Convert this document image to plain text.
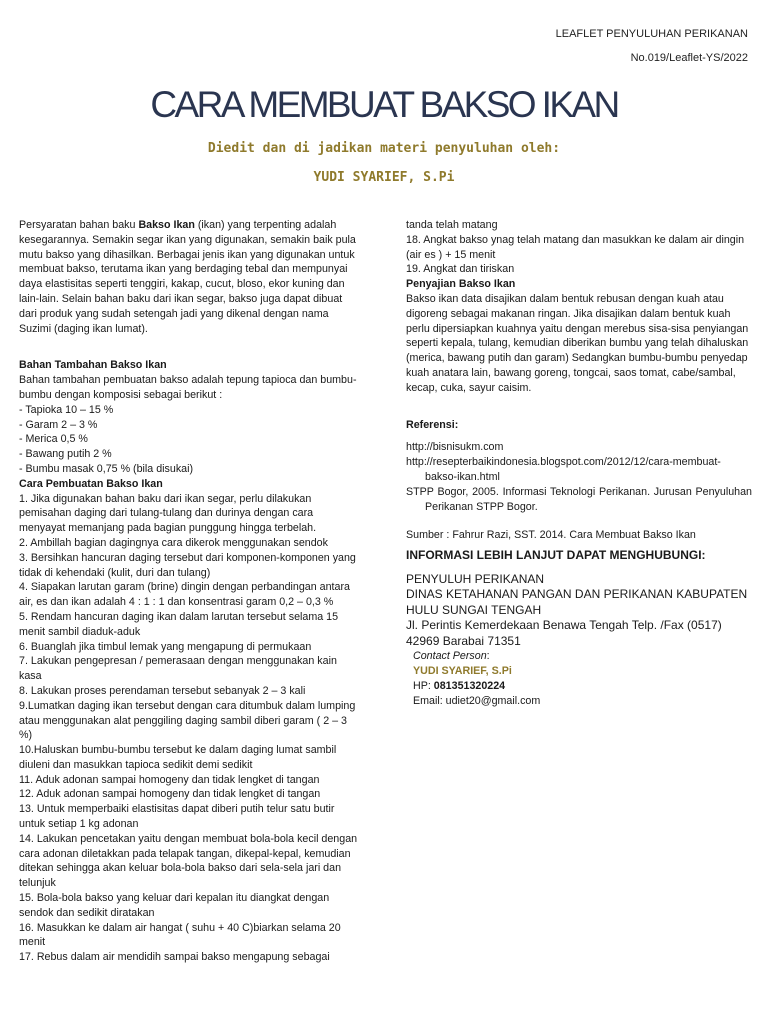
LEAFLET PENYULUHAN PERIKANAN
No.019/Leaflet-YS/2022
CARA MEMBUAT BAKSO IKAN
Diedit dan di jadikan materi penyuluhan oleh:
YUDI SYARIEF, S.Pi

Persyaratan bahan baku Bakso Ikan (ikan) yang terpenting adalah kesegarannya. Semakin segar ikan yang digunakan, semakin baik pula mutu bakso yang dihasilkan. Berbagai jenis ikan yang digunakan untuk membuat bakso, terutama ikan yang berdaging tebal dan mempunyai daya elastisitas seperti tenggiri, kakap, cucut, bloso, ekor kuning dan lain-lain. Selain bahan baku dari ikan segar, bakso juga dapat dibuat dari produk yang sudah setengah jadi yang dikenal dengan nama Suzimi (daging ikan lumat).

Bahan Tambahan Bakso Ikan
Bahan tambahan pembuatan bakso adalah tepung tapioca dan bumbu-bumbu dengan komposisi sebagai berikut :
- Tapioka 10 – 15 %
- Garam 2 – 3 %
- Merica 0,5 %
- Bawang putih 2 %
- Bumbu masak 0,75 % (bila disukai)
Cara Pembuatan Bakso Ikan
1. Jika digunakan bahan baku dari ikan segar, perlu dilakukan pemisahan daging dari tulang-tulang dan durinya dengan cara menyayat memanjang pada bagian punggung hingga terbelah.
2. Ambillah bagian dagingnya cara dikerok menggunakan sendok
3. Bersihkan hancuran daging tersebut dari komponen-komponen yang tidak di kehendaki (kulit, duri dan tulang)
4. Siapakan larutan garam (brine) dingin dengan perbandingan antara air, es dan ikan adalah 4 : 1 : 1 dan konsentrasi garam 0,2 – 0,3 %
5. Rendam hancuran daging ikan dalam larutan tersebut selama 15 menit sambil diaduk-aduk
6. Buanglah jika timbul lemak yang mengapung di permukaan
7. Lakukan pengepresan / pemerasaan dengan menggunakan kain kasa
8. Lakukan proses perendaman tersebut sebanyak 2 – 3 kali
9.Lumatkan daging ikan tersebut dengan cara ditumbuk dalam lumping atau menggunakan alat penggiling daging sambil diberi garam ( 2 – 3 %)
10.Haluskan bumbu-bumbu tersebut ke dalam daging lumat sambil diuleni dan masukkan tapioca sedikit demi sedikit
11. Aduk adonan sampai homogeny dan tidak lengket di tangan
12. Aduk adonan sampai homogeny dan tidak lengket di tangan
13. Untuk memperbaiki elastisitas dapat diberi putih telur satu butir untuk setiap 1 kg adonan
14. Lakukan pencetakan yaitu dengan membuat bola-bola kecil dengan cara adonan diletakkan pada telapak tangan, dikepal-kepal, kemudian ditekan sehingga akan keluar bola-bola bakso dari sela-sela jari dan telunjuk
15. Bola-bola bakso yang keluar dari kepalan itu diangkat dengan sendok dan sedikit diratakan
16. Masukkan ke dalam air hangat ( suhu + 40 C)biarkan selama 20 menit
17. Rebus dalam air mendidih sampai bakso mengapung sebagai
tanda telah matang
18. Angkat bakso ynag telah matang dan masukkan ke dalam air dingin (air es ) + 15 menit
19. Angkat dan tiriskan
Penyajian Bakso Ikan
Bakso ikan data disajikan dalam bentuk rebusan dengan kuah atau digoreng sebagai makanan ringan. Jika disajikan dalam bentuk kuah perlu dipersiapkan kuahnya yaitu dengan merebus sisa-sisa penyiangan seperti kepala, tulang, kemudian diberikan bumbu yang telah dihaluskan (merica, bawang putih dan garam) Sedangkan bumbu-bumbu penyedap kuah anatara lain, bawang goreng, tongcai, saos tomat, cabe/sambal, kecap, cuka, sayur caisim.
Referensi:
http://bisnisukm.com
http://resepterbaikindonesia.blogspot.com/2012/12/cara-membuat-bakso-ikan.html
STPP Bogor, 2005. Informasi Teknologi Perikanan. Jurusan Penyuluhan Perikanan STPP Bogor.
Sumber : Fahrur Razi, SST. 2014. Cara Membuat Bakso Ikan
INFORMASI LEBIH LANJUT DAPAT MENGHUBUNGI:
PENYULUH PERIKANAN
DINAS KETAHANAN PANGAN DAN PERIKANAN KABUPATEN HULU SUNGAI TENGAH
Jl. Perintis Kemerdekaan Benawa Tengah Telp. /Fax (0517) 42969 Barabai 71351
Contact Person:
YUDI SYARIEF, S.Pi
HP: 081351320224
Email: udiet20@gmail.com
